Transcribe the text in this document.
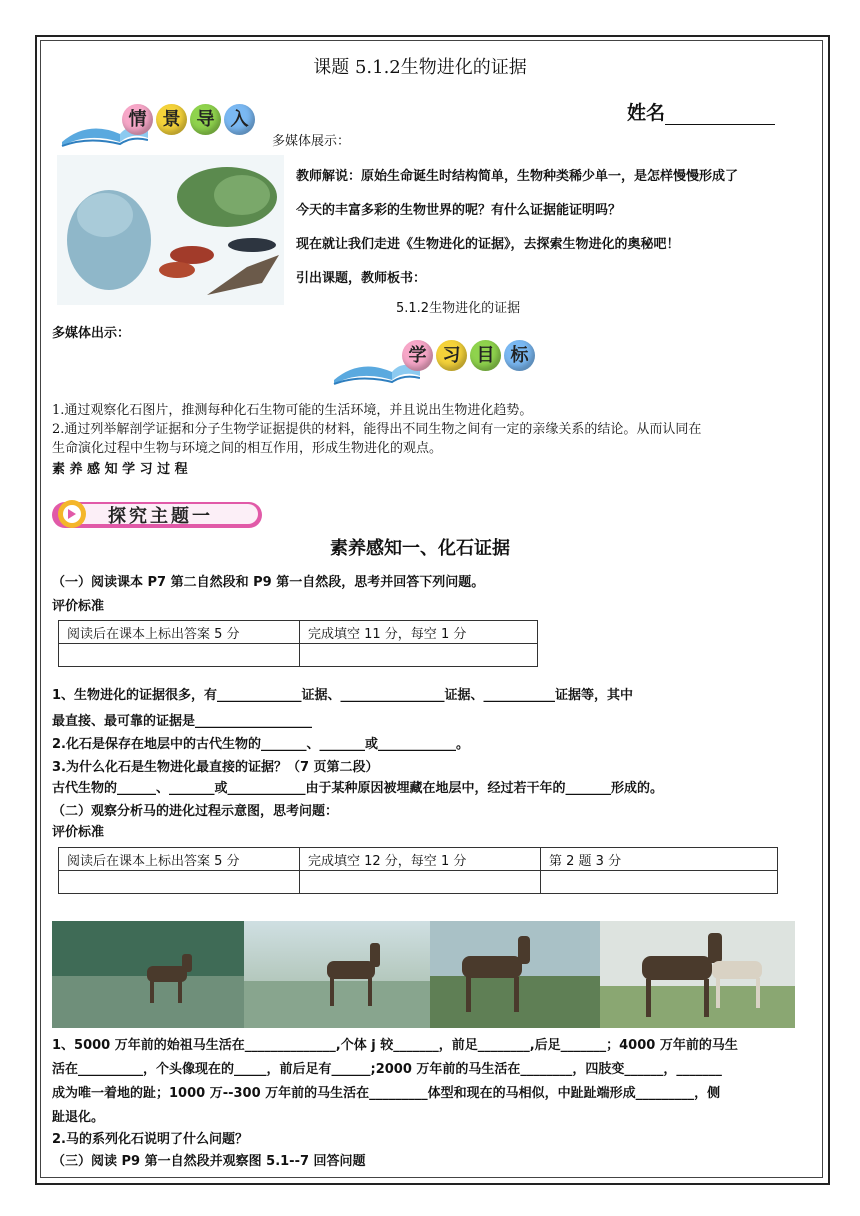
课题 5.1.2生物进化的证据
姓名
情 景 导 入
多媒体展示：
教师解说：原始生命诞生时结构简单，生物种类稀少单一，是怎样慢慢形成了
今天的丰富多彩的生物世界的呢？有什么证据能证明吗？
现在就让我们走进《生物进化的证据》，去探索生物进化的奥秘吧！
引出课题，教师板书：
5.1.2生物进化的证据
多媒体出示：
学 习 目 标
1.通过观察化石图片，推测每种化石生物可能的生活环境，并且说出生物进化趋势。
2.通过列举解剖学证据和分子生物学证据提供的材料，能得出不同生物之间有一定的亲缘关系的结论。从而认同在
生命演化过程中生物与环境之间的相互作用，形成生物进化的观点。
素 养 感 知 学 习 过 程
探究主题一
素养感知一、化石证据
（一）阅读课本 P7 第二自然段和 P9 第一自然段，思考并回答下列问题。
评价标准
阅读后在课本上标出答案 5 分	完成填空 11 分，每空 1 分

1、生物进化的证据很多，有_____________证据、________________证据、___________证据等，其中
最直接、最可靠的证据是__________________
2.化石是保存在地层中的古代生物的_______、_______或____________。
3.为什么化石是生物进化最直接的证据？（7 页第二段）
古代生物的______、_______或____________由于某种原因被埋藏在地层中，经过若干年的_______形成的。
（二）观察分析马的进化过程示意图，思考问题：
评价标准
阅读后在课本上标出答案 5 分	完成填空 12 分，每空 1 分	第 2 题 3 分

1、5000 万年前的始祖马生活在______________,个体 j 较_______，前足________,后足_______；4000 万年前的马生
活在__________，个头像现在的_____，前后足有______;2000 万年前的马生活在________，四肢变______，_______
成为唯一着地的趾；1000 万--300 万年前的马生活在_________体型和现在的马相似，中趾趾端形成_________，侧
趾退化。
2.马的系列化石说明了什么问题？
（三）阅读 P9 第一自然段并观察图 5.1--7 回答问题
